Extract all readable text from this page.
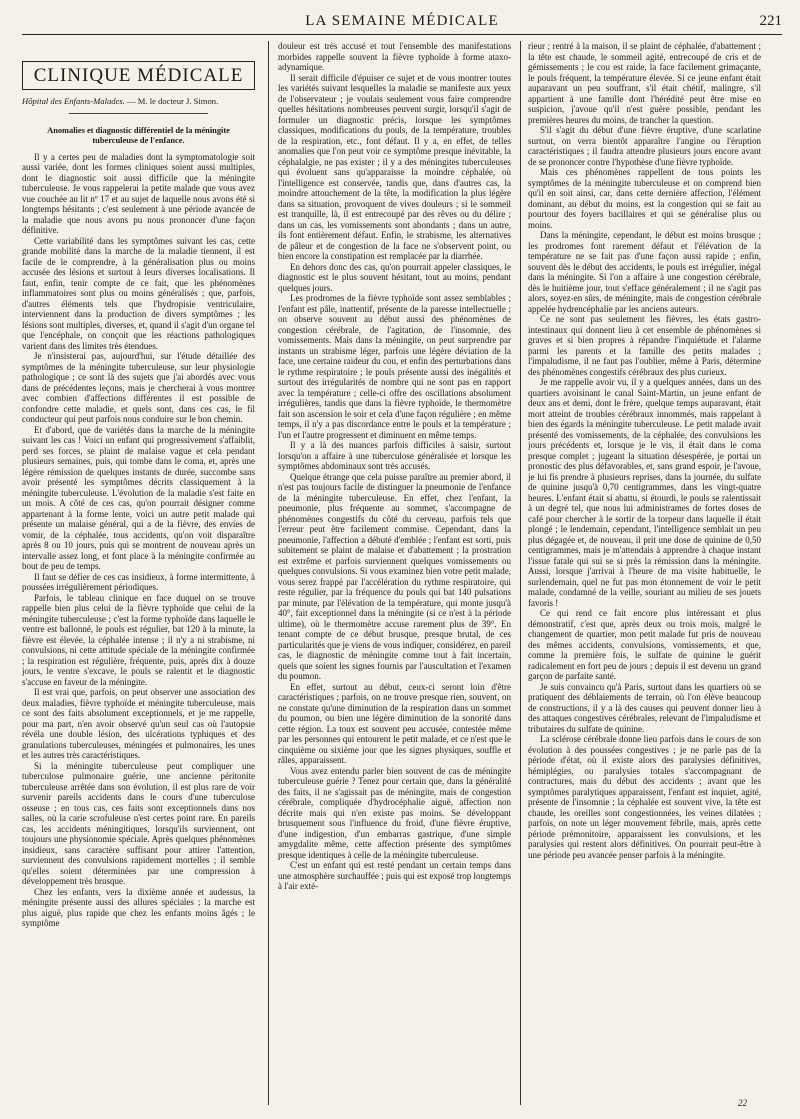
LA SEMAINE MÉDICALE	221
CLINIQUE MÉDICALE
Hôpital des Enfants-Malades. — M. le docteur J. Simon.
Anomalies et diagnostic différentiel de la méningite tuberculeuse de l'enfance.

Il y a certes peu de maladies dont la symptomatologie soit aussi variée, dont les formes cliniques soient aussi multiples, dont le diagnostic soit aussi difficile que la méningite tuberculeuse. Je vous rappelerai la petite malade que vous avez vue couchée au lit nº 17 et au sujet de laquelle nous avons été si longtemps hésitants ; c'est seulement à une période avancée de la maladie que nous avons pu nous prononcer d'une façon définitive.

Cette variabilité dans les symptômes suivant les cas, cette grande mobilité dans la marche de la maladie tiennent, il est facile de le comprendre, à la généralisation plus ou moins accusée des lésions et surtout à leurs diverses localisations. Il faut, enfin, tenir compte de ce fait, que les phénomènes inflammatoires sont plus ou moins généralisés ; que, parfois, d'autres éléments tels que l'hydropisie ventriculaire, interviennent dans la production de divers symptômes ; les lésions sont multiples, diverses, et, quand il s'agit d'un organe tel que l'encéphale, on conçoit que les réactions pathologiques varient dans des limites très étendues.

Je n'insisterai pas, aujourd'hui, sur l'étude détaillée des symptômes de la méningite tuberculeuse, sur leur physiologie pathologique ; ce sont là des sujets que j'ai abordés avec vous dans de précédentes leçons, mais je chercherai à vous montrer avec combien d'affections différentes il est possible de confondre cette maladie, et quels sont, dans ces cas, le fil conducteur qui peut parfois nous conduire sur le bon chemin.

Et d'abord, que de variétés dans la marche de la méningite suivant les cas ! Voici un enfant qui progressivement s'affaiblit, perd ses forces, se plaint de malaise vague et cela pendant plusieurs semaines, puis, qui tombe dans le coma, et, après une légère rémission de quelques instants de durée, succombe sans avoir présenté les symptômes décrits classiquement à la méningite tuberculeuse. L'évolution de la maladie s'est faite en un mois. A côté de ces cas, qu'on pourrait désigner comme appartenant à la forme lente, voici un autre petit malade qui présente un malaise général, qui a de la fièvre, des envies de vomir, de la céphalée, tous accidents, qu'on voit disparaître après 8 ou 10 jours, puis qui se montrent de nouveau après un intervalle assez long, et font place à la méningite confirmée au bout de peu de temps.

Il faut se défier de ces cas insidieux, à forme intermittente, à poussées irrégulièrement périodiques.

Parfois, le tableau clinique en face duquel on se trouve rappelle bien plus celui de la fièvre typhoïde que celui de la méningite tuberculeuse ; c'est la forme typhoïde dans laquelle le ventre est ballonné, le pouls est régulier, bat 120 à la minute, la fièvre est élevée, la céphalée intense ; il n'y a ni strabisme, ni convulsions, ni cette attitude spéciale de la méningite confirmée ; la respiration est régulière, fréquente, puis, après dix à douze jours, le ventre s'excave, le pouls se ralentit et le diagnostic s'accuse en faveur de la méningite.

Il est vrai que, parfois, on peut observer une association des deux maladies, fièvre typhoïde et méningite tuberculeuse, mais ce sont des faits absolument exceptionnels, et je me rappelle, pour ma part, n'en avoir observé qu'un seul cas où l'autopsie révéla une double lésion, des ulcérations typhiques et des granulations tuberculeuses, méningées et pulmonaires, les unes et les autres très caractéristiques.

Si la méningite tuberculeuse peut compliquer une tuberculose pulmonaire guérie, une ancienne péritonite tuberculeuse arrêtée dans son évolution, il est plus rare de voir survenir pareils accidents dans le cours d'une tuberculose osseuse ; en tous cas, ces faits sont exceptionnels dans nos salles, où la carie scrofuleuse n'est certes point rare. En pareils cas, les accidents méningitiques, lorsqu'ils surviennent, ont toujours une physionomie spéciale. Après quelques phénomènes insidieux, sans caractère suffisant pour attirer l'attention, surviennent des convulsions rapidement mortelles ; il semble qu'elles soient déterminées par une compression à développement très brusque.

Chez les enfants, vers la dixième année et audessus, la méningite présente aussi des allures spéciales ; la marche est plus aiguë, plus rapide que chez les enfants moins âgés ; le symptôme

douleur est très accusé et tout l'ensemble des manifestations morbides rappelle souvent la fièvre typhoïde à forme ataxo-adynamique.

Il serait difficile d'épuiser ce sujet et de vous montrer toutes les variétés suivant lesquelles la maladie se manifeste aux yeux de l'observateur ; je voulais seulement vous faire comprendre quelles hésitations nombreuses peuvent surgir, lorsqu'il s'agit de formuler un diagnostic précis, lorsque les symptômes classiques, modifications du pouls, de la température, troubles de la respiration, etc., font défaut. Il y a, en effet, de telles anomalies que l'on peut voir ce symptôme presque inévitable, la céphalalgie, ne pas exister ; il y a des méningites tuberculeuses qui évoluent sans qu'apparaisse la moindre céphalée, où l'intelligence est conservée, tandis que, dans d'autres cas, la moindre attouchement de la tête, la modification la plus légère dans sa situation, provoquent de vives douleurs ; si le sommeil est tranquille, là, il est entrecoupé par des rêves ou du délire ; dans un cas, les vomissements sont abondants ; dans un autre, ils font entièrement défaut. Enfin, le strabisme, les alternatives de pâleur et de congestion de la face ne s'observent point, ou bien encore la constipation est remplacée par la diarrhée.

En dehors donc des cas, qu'on pourrait appeler classiques, le diagnostic est le plus souvent hésitant, tout au moins, pendant quelques jours.

Les prodromes de la fièvre typhoïde sont assez semblables ; l'enfant est pâle, inattentif, présente de la paresse intellectuelle ; on observe souvent au début aussi des phénomènes de congestion cérébrale, de l'agitation, de l'insomnie, des vomissements. Mais dans la méningite, on peut surprendre par instants un strabisme léger, parfois une légère déviation de la face, une certaine raideur du cou, et enfin des perturbations dans le rythme respiratoire ; le pouls présente aussi des inégalités et surtout des irrégularités de nombre qui ne sont pas en rapport avec la température ; celle-ci offre des oscillations absolument irrégulières, tandis que dans la fièvre typhoïde, le thermomètre fait son ascension le soir et cela d'une façon régulière ; en même temps, il n'y a pas discordance entre le pouls et la température ; l'un et l'autre progressent et diminuent en même temps.

Il y a là des nuances parfois difficiles à saisir, surtout lorsqu'on a affaire à une tuberculose généralisée et lorsque les symptômes abdominaux sont très accusés.

Quelque étrange que cela puisse paraître au premier abord, il n'est pas toujours facile de distinguer la pneumonie de l'enfance de la méningite tuberculeuse. En effet, chez l'enfant, la pneumonie, plus fréquente au sommet, s'accompagne de phénomènes congestifs du côté du cerveau, parfois tels que l'erreur peut être facilement commise. Cependant, dans la pneumonie, l'affection a débuté d'emblée ; l'enfant est sorti, puis subitement se plaint de malaise et d'abattement ; la prostration est extrême et parfois surviennent quelques vomissements ou quelques convulsions. Si vous examinez bien votre petit malade, vous serez frappé par l'accélération du rythme respiratoire, qui reste régulier, par la fréquence du pouls qui bat 140 pulsations par minute, par l'élévation de la température, qui monte jusqu'à 40°, fait exceptionnel dans la méningite (si ce n'est à la période ultime), où le thermomètre accuse rarement plus de 39°. En tenant compte de ce début brusque, presque brutal, de ces particularités que je viens de vous indiquer, considérez, en pareil cas, le diagnostic de méningite comme tout à fait incertain, quels que soient les signes fournis par l'auscultation et l'examen du poumon.

En effet, surtout au début, ceux-ci seront loin d'être caractéristiques ; parfois, on ne trouve presque rien, souvent, on ne constate qu'une diminution de la respiration dans un sommet du poumon, ou bien une légère diminution de la sonorité dans cette région. La toux est souvent peu accusée, contestée même par les personnes qui entourent le petit malade, et ce n'est que le cinquième ou sixième jour que les signes physiques, souffle et râles, apparaissent.

Vous avez entendu parler bien souvent de cas de méningite tuberculeuse guérie ? Tenez pour certain que, dans la généralité des faits, il ne s'agissait pas de méningite, mais de congestion cérébrale, compliquée d'hydrocéphalie aiguë, affection non décrite mais qui n'en existe pas moins. Se développant brusquement sous l'influence du froid, d'une fièvre éruptive, d'une indigestion, d'un embarras gastrique, d'une simple amygdalite même, cette affection présente des symptômes presque identiques à celle de la méningite tuberculeuse.

C'est un enfant qui est resté pendant un certain temps dans une atmosphère surchauffée ; puis qui est exposé trop longtemps à l'air exté-

rieur ; rentré à la maison, il se plaint de céphalée, d'abattement ; la tête est chaude, le sommeil agité, entrecoupé de cris et de gémissements ; le cou est raide, la face facilement grimaçante, le pouls fréquent, la température élevée. Si ce jeune enfant était auparavant un peu souffrant, s'il était chétif, malingre, s'il appartient à une famille dont l'hérédité peut être mise en suspicion, j'avoue qu'il n'est guère possible, pendant les premières heures du moins, de trancher la question.

S'il s'agit du début d'une fièvre éruptive, d'une scarlatine surtout, on verra bientôt apparaître l'angine ou l'éruption caractéristiques ; il faudra attendre plusieurs jours encore avant de se prononcer contre l'hypothèse d'une fièvre typhoïde.

Mais ces phénomènes rappellent de tous points les symptômes de la méningite tuberculeuse et on comprend bien qu'il en soit ainsi, car, dans cette dernière affection, l'élément dominant, au début du moins, est la congestion qui se fait au pourtour des foyers bacillaires et qui se généralise plus ou moins.

Dans la méningite, cependant, le début est moins brusque ; les prodromes font rarement défaut et l'élévation de la température ne se fait pas d'une façon aussi rapide ; enfin, souvent dès le début des accidents, le pouls est irrégulier, inégal dans la méningite. Si l'on a affaire à une congestion cérébrale, dès le huitième jour, tout s'efface généralement ; il ne s'agit pas alors, soyez-en sûrs, de méningite, mais de congestion cérébrale appelée hydrencéphalie par les anciens auteurs.

Ce ne sont pas seulement les fièvres, les états gastro-intestinaux qui donnent lieu à cet ensemble de phénomènes si graves et si bien propres à répandre l'inquiétude et l'alarme parmi les parents et la famille des petits malades ; l'impaludisme, il ne faut pas l'oublier, même à Paris, détermine des phénomènes congestifs cérébraux des plus curieux.

Je me rappelle avoir vu, il y a quelques années, dans un des quartiers avoisinant le canal Saint-Martin, un jeune enfant de deux ans et demi, dont le frère, quelque temps auparavant, était mort atteint de troubles cérébraux innommés, mais rappelant à bien des égards la méningite tuberculeuse. Le petit malade avait présenté des vomissements, de la céphalée, des convulsions les jours précédents et, lorsque je le vis, il était dans le coma presque complet ; jugeant la situation désespérée, je portai un pronostic des plus défavorables, et, sans grand espoir, je l'avoue, je lui fis prendre à plusieurs reprises, dans la journée, du sulfate de quinine jusqu'à 0,70 centigrammes, dans les vingt-quatre heures. L'enfant était si abattu, si étourdi, le pouls se ralentissait à un degré tel, que nous lui administrames de fortes doses de café pour chercher à le sortir de la torpeur dans laquelle il était plongé ; le lendemain, cependant, l'intelligence semblait un peu plus dégagée et, de nouveau, il prit une dose de quinine de 0,50 centigrammes, mais je m'attendais à apprendre à chaque instant l'issue fatale qui sui se si près la rémission dans la méningite. Aussi, lorsque j'arrivai à l'heure de ma visite habituelle, le surlendemain, quel ne fut pas mon étonnement de voir le petit malade, condamné de la veille, souriant au milieu de ses jouets favoris !

Ce qui rend ce fait encore plus intéressant et plus démonstratif, c'est que, après deux ou trois mois, malgré le changement de quartier, mon petit malade fut pris de nouveau des mêmes accidents, convulsions, vomissements, et que, comme la première fois, le sulfate de quinine le guérit radicalement en fort peu de jours ; depuis il est devenu un grand garçon de parfaite santé.

Je suis convaincu qu'à Paris, surtout dans les quartiers où se pratiquent des déblaiements de terrain, où l'on élève beaucoup de constructions, il y a là des causes qui peuvent donner lieu à des attaques congestives cérébrales, relevant de l'impaludisme et tributaires du sulfate de quinine.

La sclérose cérébrale donne lieu parfois dans le cours de son évolution à des poussées congestives ; je ne parle pas de la période d'état, où il existe alors des paralysies définitives, hémiplégies, ou paralysies totales s'accompagnant de contractures, mais du début des accidents ; avant que les symptômes paralytiques apparaissent, l'enfant est inquiet, agité, présente de l'insomnie ; la céphalée est souvent vive, la tête est chaude, les oreilles sont congestionnées, les veines dilatées ; parfois, on note un léger mouvement fébrile, mais, après cette période prémonitoire, apparaissent les convulsions, et les paralysies qui restent alors définitives. On pourrait peut-être à une période peu avancée penser parfois à la méningite.

22
